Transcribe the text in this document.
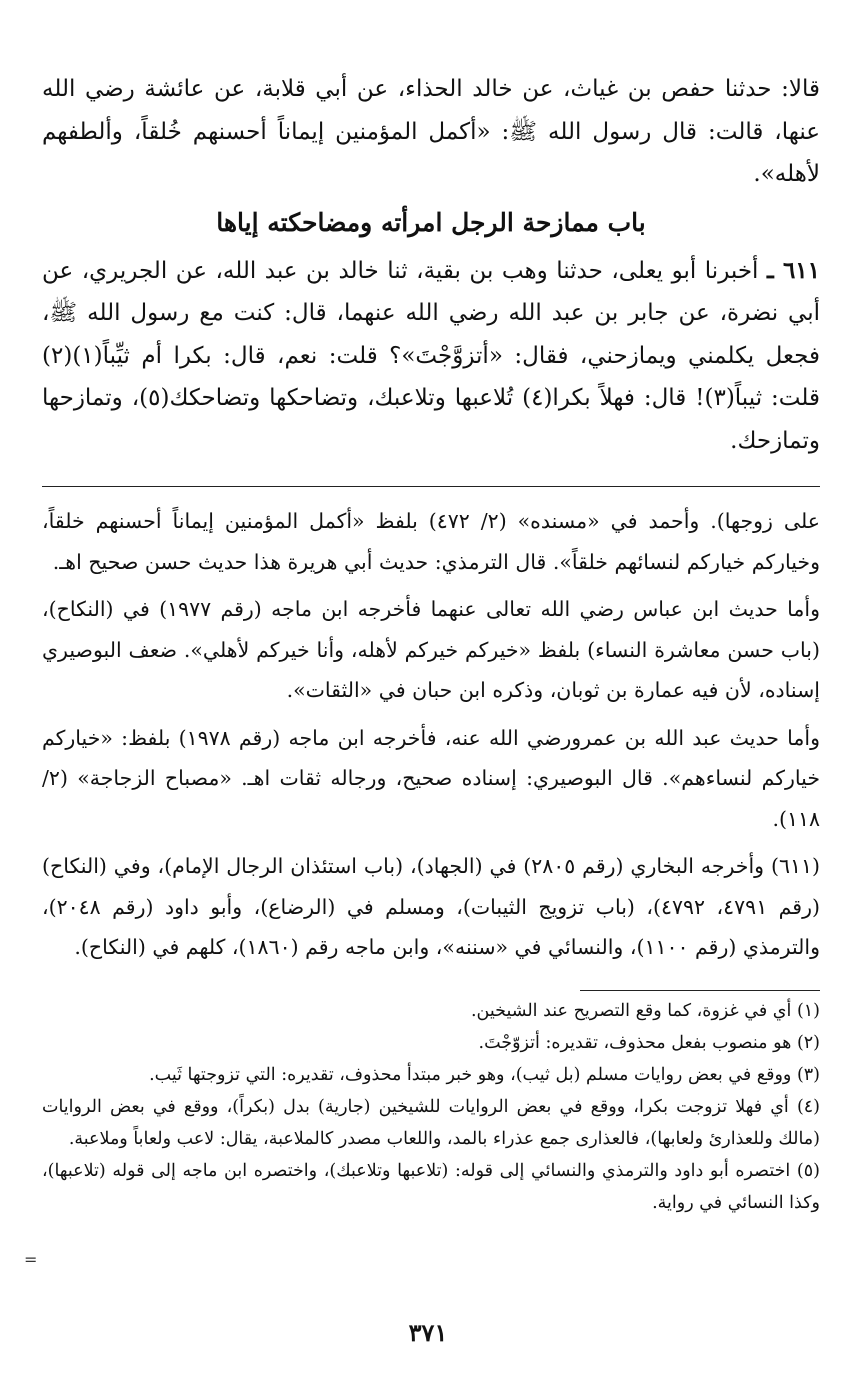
قالا: حدثنا حفص بن غياث، عن خالد الحذاء، عن أبي قلابة، عن عائشة رضي الله عنها، قالت: قال رسول الله ﷺ: «أكمل المؤمنين إيماناً أحسنهم خُلقاً، وألطفهم لأهله».

باب ممازحة الرجل امرأته ومضاحكته إياها

٦١١ ـ أخبرنا أبو يعلى، حدثنا وهب بن بقية، ثنا خالد بن عبد الله، عن الجريري، عن أبي نضرة، عن جابر بن عبد الله رضي الله عنهما، قال: كنت مع رسول الله ﷺ، فجعل يكلمني ويمازحني، فقال: «أتزوَّجْتَ»؟ قلت: نعم، قال: بكرا أم ثيِّباً(١)(٢) قلت: ثيباً(٣)! قال: فهلاً بكرا(٤) تُلاعبها وتلاعبك، وتضاحكها وتضاحكك(٥)، وتمازحها وتمازحك.

على زوجها). وأحمد في «مسنده» (٢/ ٤٧٢) بلفظ «أكمل المؤمنين إيماناً أحسنهم خلقاً، وخياركم خياركم لنسائهم خلقاً». قال الترمذي: حديث أبي هريرة هذا حديث حسن صحيح اهـ.

وأما حديث ابن عباس رضي الله تعالى عنهما فأخرجه ابن ماجه (رقم ١٩٧٧) في (النكاح)، (باب حسن معاشرة النساء) بلفظ «خيركم خيركم لأهله، وأنا خيركم لأهلي». ضعف البوصيري إسناده، لأن فيه عمارة بن ثوبان، وذكره ابن حبان في «الثقات».

وأما حديث عبد الله بن عمرورضي الله عنه، فأخرجه ابن ماجه (رقم ١٩٧٨) بلفظ: «خياركم خياركم لنساءهم». قال البوصيري: إسناده صحيح، ورجاله ثقات اهـ. «مصباح الزجاجة» (٢/ ١١٨).

(٦١١) وأخرجه البخاري (رقم ٢٨٠٥) في (الجهاد)، (باب استئذان الرجال الإمام)، وفي (النكاح) (رقم ٤٧٩١، ٤٧٩٢)، (باب تزويج الثيبات)، ومسلم في (الرضاع)، وأبو داود (رقم ٢٠٤٨)، والترمذي (رقم ١١٠٠)، والنسائي في «سننه»، وابن ماجه رقم (١٨٦٠)، كلهم في (النكاح).

(١) أي في غزوة، كما وقع التصريح عند الشيخين.

(٢) هو منصوب بفعل محذوف، تقديره: أتزوّجْتَ.

(٣) ووقع في بعض روايات مسلم (بل ثيب)، وهو خبر مبتدأ محذوف، تقديره: التي تزوجتها ثَيب.

(٤) أي فهلا تزوجت بكرا، ووقع في بعض الروايات للشيخين (جارية) بدل (بكراً)، ووقع في بعض الروايات (مالك وللعذارئ ولعابها)، فالعذارى جمع عذراء بالمد، واللعاب مصدر كالملاعبة، يقال: لاعب ولعاباً وملاعبة.

(٥) اختصره أبو داود والترمذي والنسائي إلى قوله: (تلاعبها وتلاعبك)، واختصره ابن ماجه إلى قوله (تلاعبها)، وكذا النسائي في رواية.

=
٣٧١
